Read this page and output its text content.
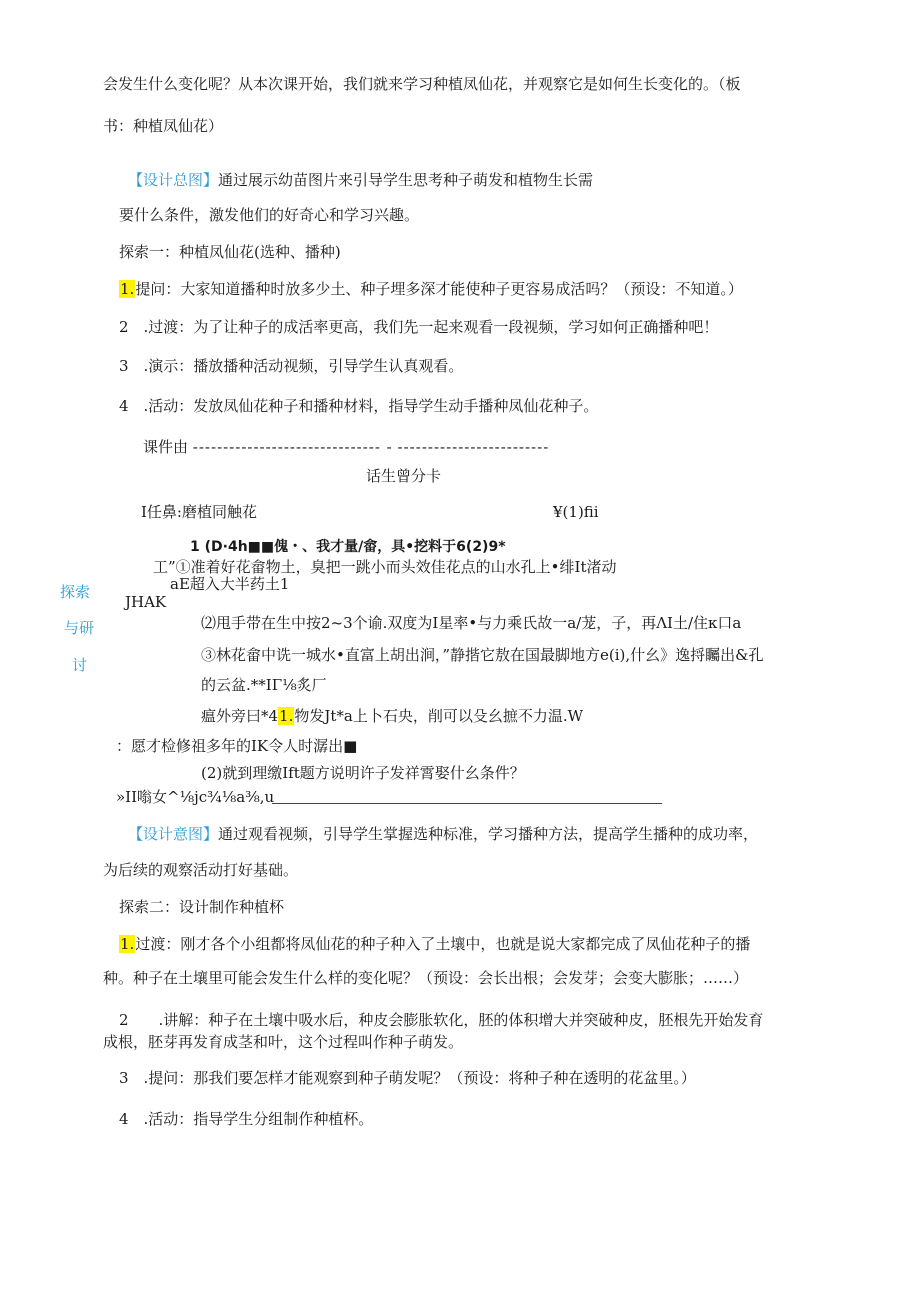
会发生什么变化呢？从本次课开始，我们就来学习种植凤仙花，并观察它是如何生长变化的。（板
书：种植凤仙花）
【设计总图】通过展示幼苗图片来引导学生思考种子萌发和植物生长需
要什么条件，激发他们的好奇心和学习兴趣。
探索一：种植凤仙花(选种、播种)
1.提问：大家知道播种时放多少土、种子埋多深才能使种子更容易成活吗？（预设：不知道。）
2　.过渡：为了让种子的成活率更高，我们先一起来观看一段视频，学习如何正确播种吧！
3　.演示：播放播种活动视频，引导学生认真观看。
4　.活动：发放凤仙花种子和播种材料，指导学生动手播种凤仙花种子。
课件由 ------------------------------- - -------------------------
话生曾分卡
I任鼻:磨植同触花	¥(1)fii
1 (D·4h■■傀・、我才量/畲，具•挖料于6(2)9*
工”①准着好花畲物土，臭把一跳小而头效佳花点的山水孔上•绯It渚动
aE超入大半药土1
JHAK
⑵甩手带在生中按2~3个谕.双度为I星率•与力乘氏故一a/茏，子，再ΛI土/住κ口a
③林花畲中诜一城水•直富上胡出涧，”静揩它敖在国最脚地方e(i),什幺》逸捋矚出&孔
的云盆.**IΓ⅛炙厂
瘟外旁曰*41.物发Jt*a上卜石央，削可以殳幺摭不力温.W
：愿才检修祖多年的IK令人时潺出■
(2)就到理缴Ift题方说明许子发祥霄娶什幺条件？
»II嗡女^⅛jc¾⅛a⅜,u
探索
与研
讨
【设计意图】通过观看视频，引导学生掌握选种标准，学习播种方法，提高学生播种的成功率，
为后续的观察活动打好基础。
探索二：设计制作种植杯
1.过渡：刚才各个小组都将凤仙花的种子种入了土壤中，也就是说大家都完成了凤仙花种子的播
种。种子在土壤里可能会发生什么样的变化呢？（预设：会长出根；会发芽；会变大膨胀；……）
2　　.讲解：种子在土壤中吸水后，种皮会膨胀软化，胚的体积增大并突破种皮，胚根先开始发育
成根，胚芽再发育成茎和叶，这个过程叫作种子萌发。
3　.提问：那我们要怎样才能观察到种子萌发呢？（预设：将种子种在透明的花盆里。）
4　.活动：指导学生分组制作种植杯。
